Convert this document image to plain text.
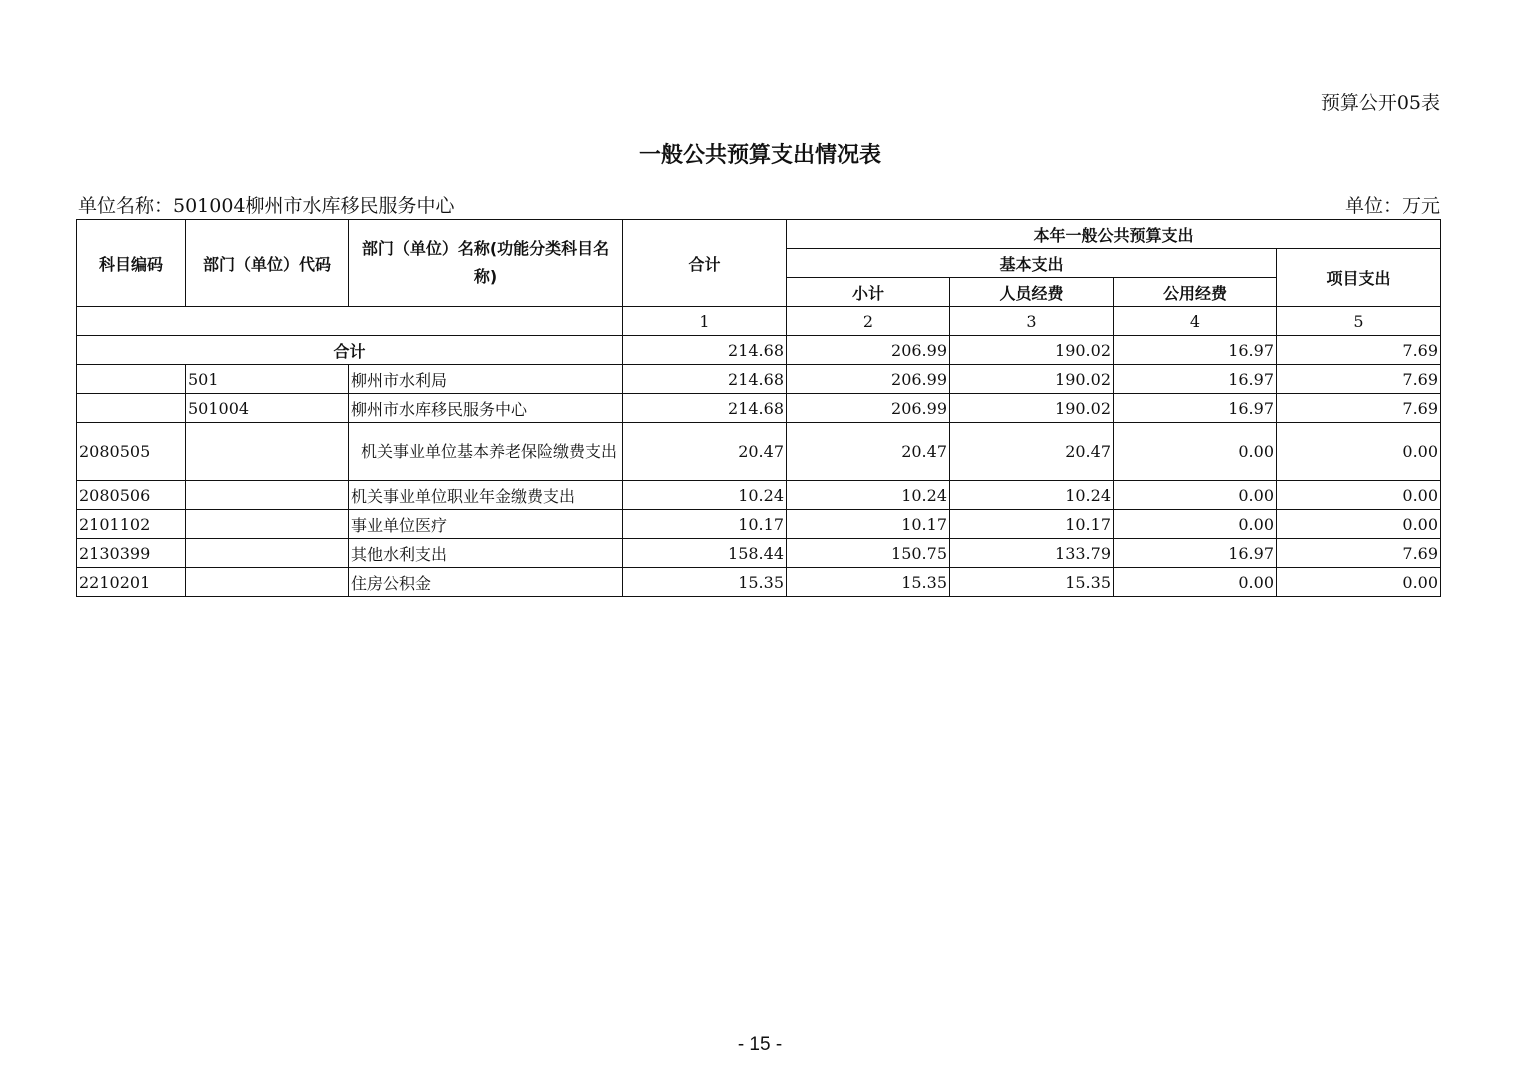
预算公开05表
一般公共预算支出情况表
单位名称：501004柳州市水库移民服务中心	单位：万元
科目编码	部门（单位）代码	部门（单位）名称(功能分类科目名称)	合计	本年一般公共预算支出			
				基本支出			项目支出
				小计	人员经费	公用经费	
			1	2	3	4	5
合计			214.68	206.99	190.02	16.97	7.69
	501	柳州市水利局	214.68	206.99	190.02	16.97	7.69
	501004	柳州市水库移民服务中心	214.68	206.99	190.02	16.97	7.69
2080505		机关事业单位基本养老保险缴费支出	20.47	20.47	20.47	0.00	0.00
2080506		机关事业单位职业年金缴费支出	10.24	10.24	10.24	0.00	0.00
2101102		事业单位医疗	10.17	10.17	10.17	0.00	0.00
2130399		其他水利支出	158.44	150.75	133.79	16.97	7.69
2210201		住房公积金	15.35	15.35	15.35	0.00	0.00
- 15 -
